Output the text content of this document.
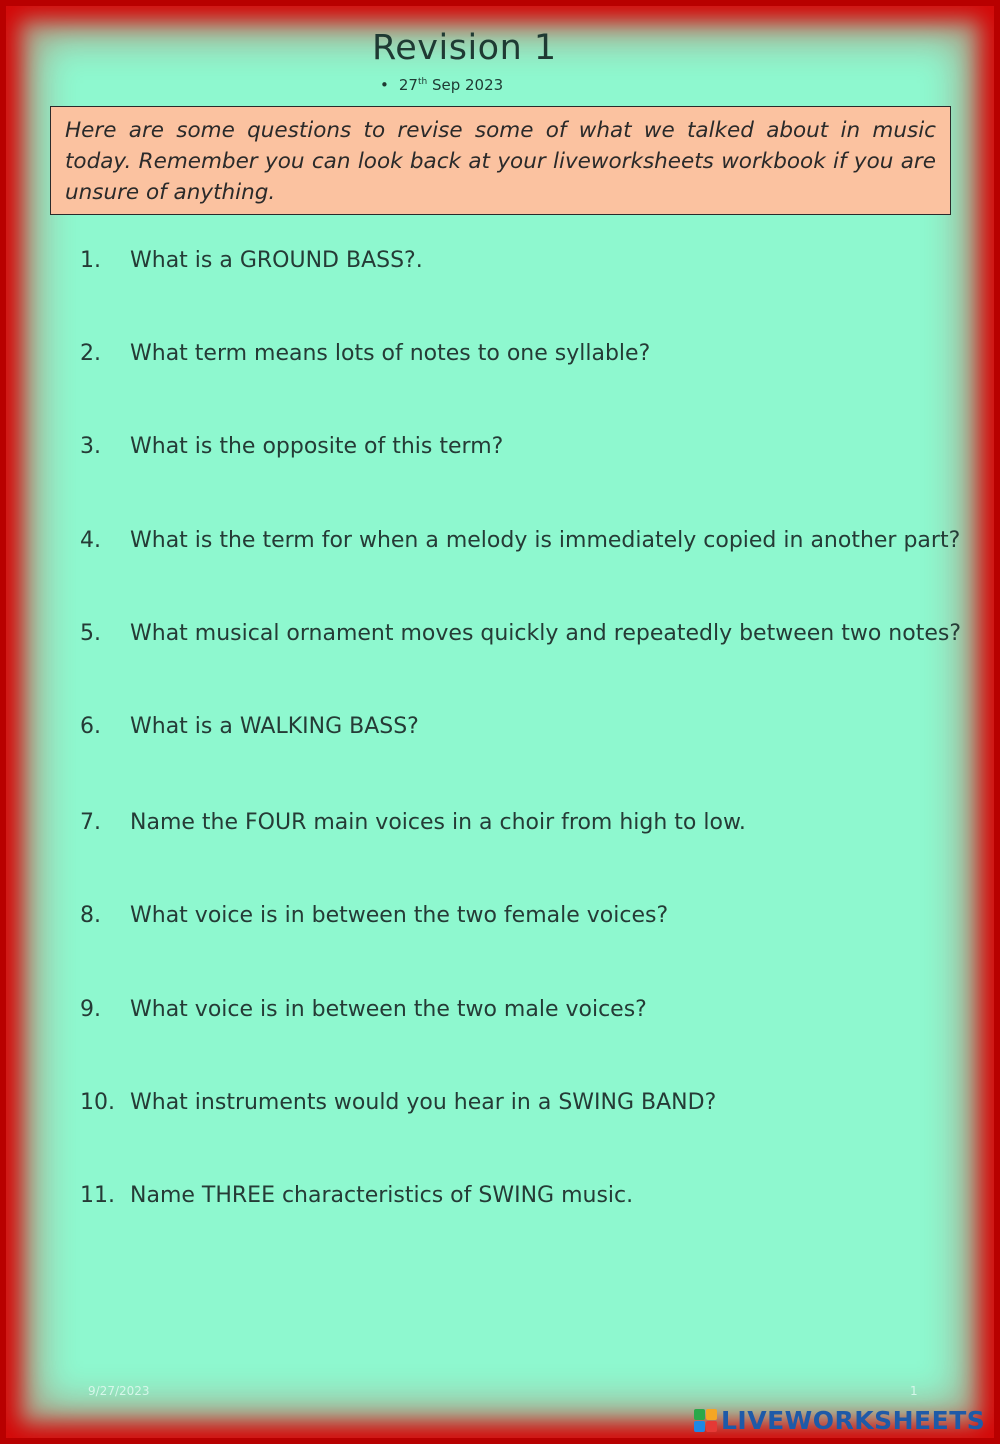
Revision 1
• 27th Sep 2023
Here are some questions to revise some of what we talked about in music today. Remember you can look back at your liveworksheets workbook if you are unsure of anything.
1. What is a GROUND BASS?.
2. What term means lots of notes to one syllable?
3. What is the opposite of this term?
4. What is the term for when a melody is immediately copied in another part?
5. What musical ornament moves quickly and repeatedly between two notes?
6. What is a WALKING BASS?
7. Name the FOUR main voices in a choir from high to low.
8. What voice is in between the two female voices?
9. What voice is in between the two male voices?
10. What instruments would you hear in a SWING BAND?
11. Name THREE characteristics of SWING music.
9/27/2023	1
LIVEWORKSHEETS
